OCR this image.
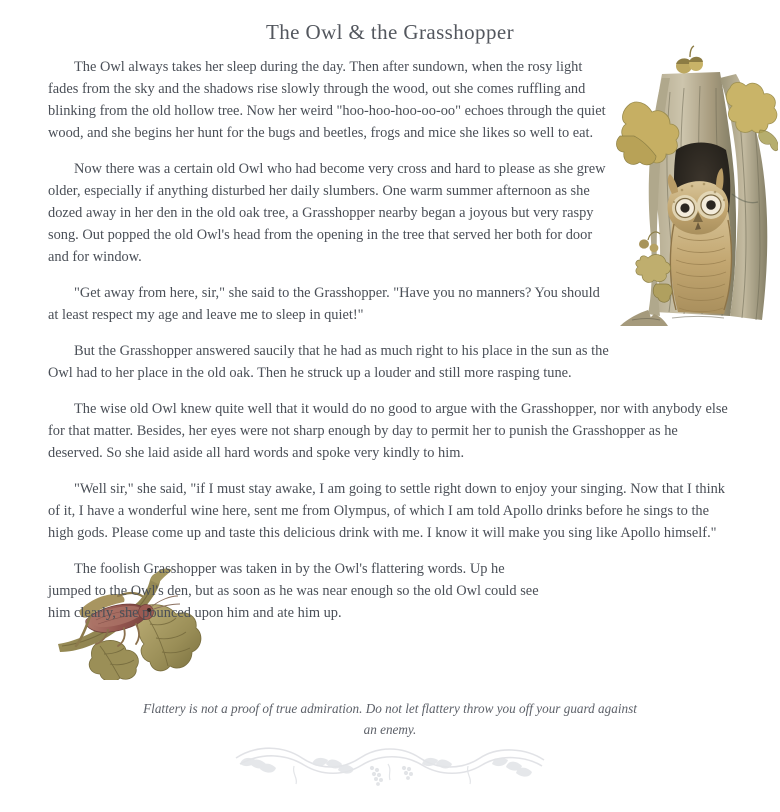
The Owl & the Grasshopper

The Owl always takes her sleep during the day. Then after sundown, when the rosy light fades from the sky and the shadows rise slowly through the wood, out she comes ruffling and blinking from the old hollow tree. Now her weird "hoo-hoo-hoo-oo-oo" echoes through the quiet wood, and she begins her hunt for the bugs and beetles, frogs and mice she likes so well to eat.

Now there was a certain old Owl who had become very cross and hard to please as she grew older, especially if anything disturbed her daily slumbers. One warm summer afternoon as she dozed away in her den in the old oak tree, a Grasshopper nearby began a joyous but very raspy song. Out popped the old Owl's head from the opening in the tree that served her both for door and for window.

"Get away from here, sir," she said to the Grasshopper. "Have you no manners? You should at least respect my age and leave me to sleep in quiet!"

But the Grasshopper answered saucily that he had as much right to his place in the sun as the Owl had to her place in the old oak. Then he struck up a louder and still more rasping tune.

The wise old Owl knew quite well that it would do no good to argue with the Grasshopper, nor with anybody else for that matter. Besides, her eyes were not sharp enough by day to permit her to punish the Grasshopper as he deserved. So she laid aside all hard words and spoke very kindly to him.

"Well sir," she said, "if I must stay awake, I am going to settle right down to enjoy your singing. Now that I think of it, I have a wonderful wine here, sent me from Olympus, of which I am told Apollo drinks before he sings to the high gods. Please come up and taste this delicious drink with me. I know it will make you sing like Apollo himself."

The foolish Grasshopper was taken in by the Owl's flattering words. Up he jumped to the Owl's den, but as soon as he was near enough so the old Owl could see him clearly, she pounced upon him and ate him up.

Flattery is not a proof of true admiration. Do not let flattery throw you off your guard against an enemy.
